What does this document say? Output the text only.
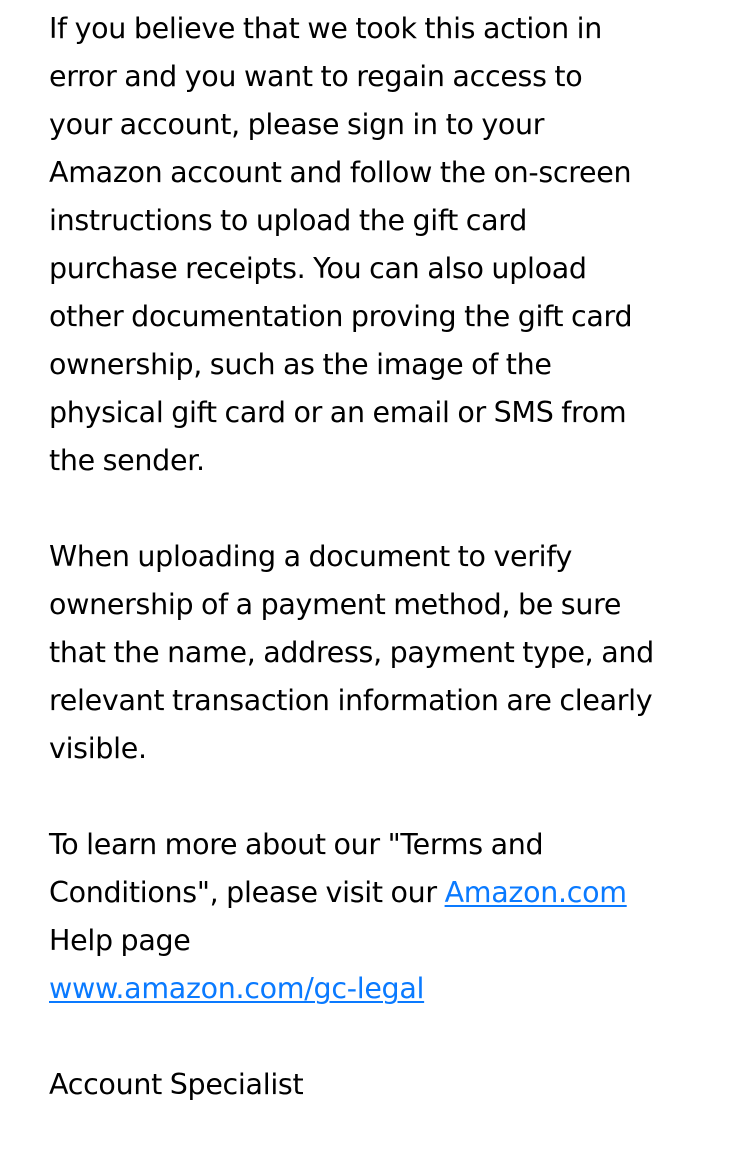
If you believe that we took this action in
error and you want to regain access to
your account, please sign in to your
Amazon account and follow the on-screen
instructions to upload the gift card
purchase receipts. You can also upload
other documentation proving the gift card
ownership, such as the image of the
physical gift card or an email or SMS from
the sender.
When uploading a document to verify
ownership of a payment method, be sure
that the name, address, payment type, and
relevant transaction information are clearly
visible.
To learn more about our "Terms and
Conditions", please visit our Amazon.com
Help page
www.amazon.com/gc-legal
Account Specialist
